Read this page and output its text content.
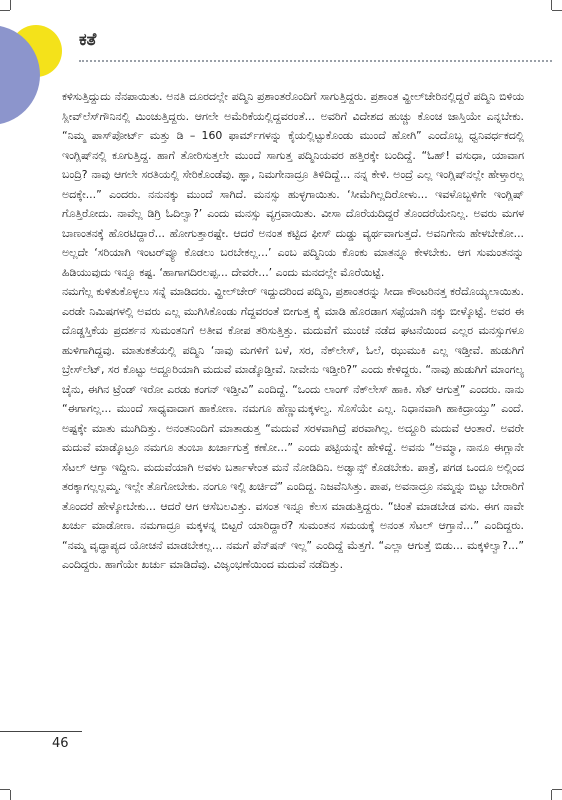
ಕತೆ

ಕಳಿಸುತ್ತಿದ್ದುದು ನೆನಪಾಯಿತು. ಅನತಿ ದೂರದಲ್ಲೇ ಪದ್ಮಿನಿ ಪ್ರಶಾಂತರೊಂದಿಗೆ ಸಾಗುತ್ತಿದ್ದರು. ಪ್ರಶಾಂತ ವ್ಹೀಲ್‌ಚೇರಿನಲ್ಲಿದ್ದರೆ ಪದ್ಮಿನಿ ಬಿಳಿಯ ಸ್ಲೀವ್‌ಲೆಸ್‌ಗೌನಿನಲ್ಲಿ ಮಿಂಚುತ್ತಿದ್ದರು. ಆಗಲೇ ಅಮೆರಿಕೆಯಲ್ಲಿದ್ದವರಂತೆ... ಅವರಿಗೆ ವಿದೇಶದ ಹುಚ್ಚು ಕೊಂಚ ಜಾಸ್ತಿಯೇ ಎನ್ನಬೇಕು. “ನಿಮ್ಮ ಪಾಸ್‌ಪೋರ್ಟ್ ಮತ್ತು ಡಿ – 160 ಫಾರ್ಮ್‌ಗಳನ್ನು ಕೈಯಲ್ಲಿಟ್ಟುಕೊಂಡು ಮುಂದೆ ಹೋಗಿ” ಎಂದೊಬ್ಬ ಧ್ವನಿವರ್ಧಕದಲ್ಲಿ ಇಂಗ್ಲಿಷ್‌ನಲ್ಲಿ ಕೂಗುತ್ತಿದ್ದ. ಹಾಗೆ ತೋರಿಸುತ್ತಲೇ ಮುಂದೆ ಸಾಗುತ್ತ ಪದ್ಮಿನಿಯವರ ಹತ್ತಿರಕ್ಕೇ ಬಂದಿದ್ದೆ. “ಓಹ್! ವಸುಧಾ, ಯಾವಾಗ ಬಂದ್ರಿ? ನಾವು ಆಗಲೇ ಸರತಿಯಲ್ಲಿ ಸೇರಿಕೊಂಡೆವು. ಹ್ಞಾ, ನಿಮಗೇನಾದ್ರೂ ತಿಳಿದಿದ್ದೆ... ನನ್ನ ಕೇಳಿ. ಅಂದ್ರೆ ಎಲ್ಲ ಇಂಗ್ಲಿಷ್‌ನಲ್ಲೇ ಹೇಳ್ತಾರಲ್ಲ ಅದಕ್ಕೇ...” ಎಂದರು. ನನುನಕ್ಕು ಮುಂದೆ ಸಾಗಿದೆ. ಮನಸ್ಸು ಹುಳ್ಳಗಾಯಿತು. ‘ಸೀಮೆಗಿಲ್ಲದಿರೋಳು... ಇವಳೊಬ್ಬಳಿಗೇ ಇಂಗ್ಲಿಷ್ ಗೊತ್ತಿರೋದು. ನಾವೆಲ್ಲ ಡಿಗ್ರಿ ಓದಿಲ್ವಾ?’ ಎಂದು ಮನಸ್ಸು ವ್ಯಗ್ರವಾಯಿತು. ವೀಸಾ ದೊರೆಯದಿದ್ದರೆ ತೊಂದರೆಯೇನಿಲ್ಲ. ಅವರು ಮಗಳ ಬಾಣಂತನಕ್ಕೆ ಹೊರಟಿದ್ದಾರೆ... ಹೋಗುತ್ತಾರಷ್ಟೇ. ಆದರೆ ಅನಂತ ಕಟ್ಟಿದ ಫೀಸ್ ದುಡ್ಡು ವ್ಯರ್ಥವಾಗುತ್ತದೆ. ಅವನಿಗೇನು ಹೇಳಬೇಕೋ... ಅಲ್ಲದೇ ‘ಸರಿಯಾಗಿ ಇಂಟರ್‌ವ್ಯೂ ಕೊಡಲು ಬರಬೇಕಲ್ಲ...’ ಎಂಬ ಪದ್ಮಿನಿಯ ಕೊಂಕು ಮಾತನ್ನೂ ಕೇಳಬೇಕು. ಆಗ ಸುಮಂತನನ್ನು ಹಿಡಿಯುವುದು ಇನ್ನೂ ಕಷ್ಟ. ‘ಹಾಗಾಗದಿರಲಪ್ಪ... ದೇವರೇ...’ ಎಂದು ಮನದಲ್ಲೇ ಮೊರೆಯಿಟ್ಟೆ.

ನಮಗೆಲ್ಲ ಕುಳಿತುಕೊಳ್ಳಲು ಸನ್ನೆ ಮಾಡಿದರು. ವ್ಹೀಲ್‌ಚೇರ್ ಇದ್ದುದರಿಂದ ಪದ್ಮಿನಿ, ಪ್ರಶಾಂತರನ್ನು ಸೀದಾ ಕೌಂಟರಿನತ್ತ ಕರೆದೊಯ್ಯಲಾಯಿತು. ಎರಡೇ ನಿಮಿಷಗಳಲ್ಲಿ ಅವರು ಎಲ್ಲ ಮುಗಿಸಿಕೊಂಡು ಗೆದ್ದವರಂತೆ ಬೀಗುತ್ತ ಕೈ ಮಾಡಿ ಹೊರಡಾಗ ಸಪ್ಪೆಯಾಗಿ ನಕ್ಕು ಬೀಳ್ಕೊಟ್ಟೆ. ಅವರ ಈ ದೊಡ್ಡಸ್ತಿಕೆಯ ಪ್ರದರ್ಶನ ಸುಮಂತನಿಗೆ ಅತೀವ ಕೋಪ ತರಿಸುತ್ತಿತ್ತು. ಮದುವೆಗೆ ಮುಂಚೆ ನಡೆದ ಘಟನೆಯಿಂದ ಎಲ್ಲರ ಮನಸ್ಸುಗಳೂ ಹುಳಿಗಾಗಿದ್ದವು. ಮಾತುಕತೆಯಲ್ಲಿ ಪದ್ಮಿನಿ ‘ನಾವು ಮಗಳಿಗೆ ಬಳೆ, ಸರ, ನೆಕ್‌ಲೇಸ್, ಓಲೆ, ಝುಮುಕಿ ಎಲ್ಲ ಇಡ್ತೀವೆ. ಹುಡುಗಿಗೆ ಬ್ರೇಸ್‌ಲೆಟ್, ಸರ ಕೊಟ್ಟು ಅದ್ದೂರಿಯಾಗಿ ಮದುವೆ ಮಾಡ್ಕೊಡ್ತೀವೆ. ನೀವೇನು ಇಡ್ತೀರಿ?” ಎಂದು ಕೇಳಿದ್ದರು. “ನಾವು ಹುಡುಗಿಗೆ ಮಾಂಗಲ್ಯ ಚೈನು, ಈಗಿನ ಟ್ರೆಂಡ್ ಇರೋ ಎರಡು ಕಂಗನ್ ಇಡ್ತೀವಿ” ಎಂದಿದ್ದೆ. “ಒಂದು ಲಾಂಗ್ ನೆಕ್‌ಲೇಸ್ ಹಾಕಿ. ಸೆಟ್ ಆಗುತ್ತೆ” ಎಂದರು. ನಾನು “ಈಗಾಗಲ್ಲ... ಮುಂದೆ ಸಾಧ್ಯವಾದಾಗ ಹಾಕೋಣ. ನಮಗೂ ಹೆಣ್ಣುಮಕ್ಕಳಲ್ವ. ಸೊಸೆಯೇ ಎಲ್ಲ. ನಿಧಾನವಾಗಿ ಹಾಕಿದ್ರಾಯ್ತು” ಎಂದೆ. ಅಷ್ಟಕ್ಕೇ ಮಾತು ಮುಗಿದಿತ್ತು. ಅನಂತನಿಂದಿಗೆ ಮಾತಾಡುತ್ತ “ಮದುವೆ ಸರಳವಾಗಿದ್ರೆ ಪರವಾಗಿಲ್ಲ. ಅದ್ದೂರಿ ಮದುವೆ ಆಂತಾರೆ. ಅವರೇ ಮದುವೆ ಮಾಡ್ಕೊಟ್ರೂ ನಮಗೂ ತುಂಬಾ ಖರ್ಚಾಗುತ್ತೆ ಕಣೋ...” ಎಂದು ಪಟ್ಟಿಯನ್ನೇ ಹೇಳಿದ್ದೆ. ಅವನು “ಅಮ್ಮಾ, ನಾನೂ ಈಗ್ಲಾನೇ ಸೆಟಲ್ ಆಗ್ತಾ ಇದ್ದೀನಿ. ಮದುವೆಯಾಗಿ ಅವಳು ಬರ್ತಾಳೇಂತ ಮನೆ ನೋಡಿದಿನಿ. ಅಡ್ವಾನ್ಸ್ ಕೊಡಬೇಕು. ಪಾತ್ರೆ, ಪಗಡ ಒಂದೂ ಅಲ್ಲಿಂದ ತರಕ್ಕಾಗಲ್ಲಲ್ಲಮ್ಮ. ಇಲ್ಲೇ ತೊಗೋಬೇಕು. ನಂಗೂ ಇಲ್ಲಿ ಖರ್ಚಿದೆ” ಎಂದಿದ್ದ. ನಿಜವೆನಿಸಿತ್ತು. ಪಾಪ, ಅವನಾದ್ರೂ ನಮ್ಮನ್ನು ಬಿಟ್ಟು ಬೇರಾರಿಗೆ ತೊಂದರೆ ಹೇಳ್ಕೋಬೇಕು... ಆದರೆ ಆಗ ಆಸೆಬಲವಿತ್ತು. ವಸಂತ ಇನ್ನೂ ಕೆಲಸ ಮಾಡುತ್ತಿದ್ದರು. “ಚಿಂತೆ ಮಾಡಬೇಡ ವಸು. ಈಗ ನಾವೇ ಖರ್ಚು ಮಾಡೋಣ. ನಮಗಾದ್ರೂ ಮಕ್ಕಳನ್ನ ಬಿಟ್ಟರೆ ಯಾರಿದ್ದಾರೆ? ಸುಮಂತನ ಸಮಯಕ್ಕೆ ಅನಂತ ಸೆಟಲ್ ಆಗ್ತಾನೆ...” ಎಂದಿದ್ದರು. “ನಮ್ಮ ವೃದ್ಧಾಪ್ಯದ ಯೋಚನೆ ಮಾಡಬೇಕಲ್ಲ... ನಮಗೆ ಪೆನ್‌ಷನ್ ಇಲ್ಲ” ಎಂದಿದ್ದೆ ಮೆತ್ತಗೆ. “ಎಲ್ಲಾ ಆಗುತ್ತೆ ಬಿಡು... ಮಕ್ಕಳಿಲ್ವಾ?...” ಎಂದಿದ್ದರು. ಹಾಗೆಯೇ ಖರ್ಚು ಮಾಡಿದೆವು. ವಿಜೃಂಭಣೆಯಿಂದ ಮದುವೆ ನಡೆದಿತ್ತು.

46
